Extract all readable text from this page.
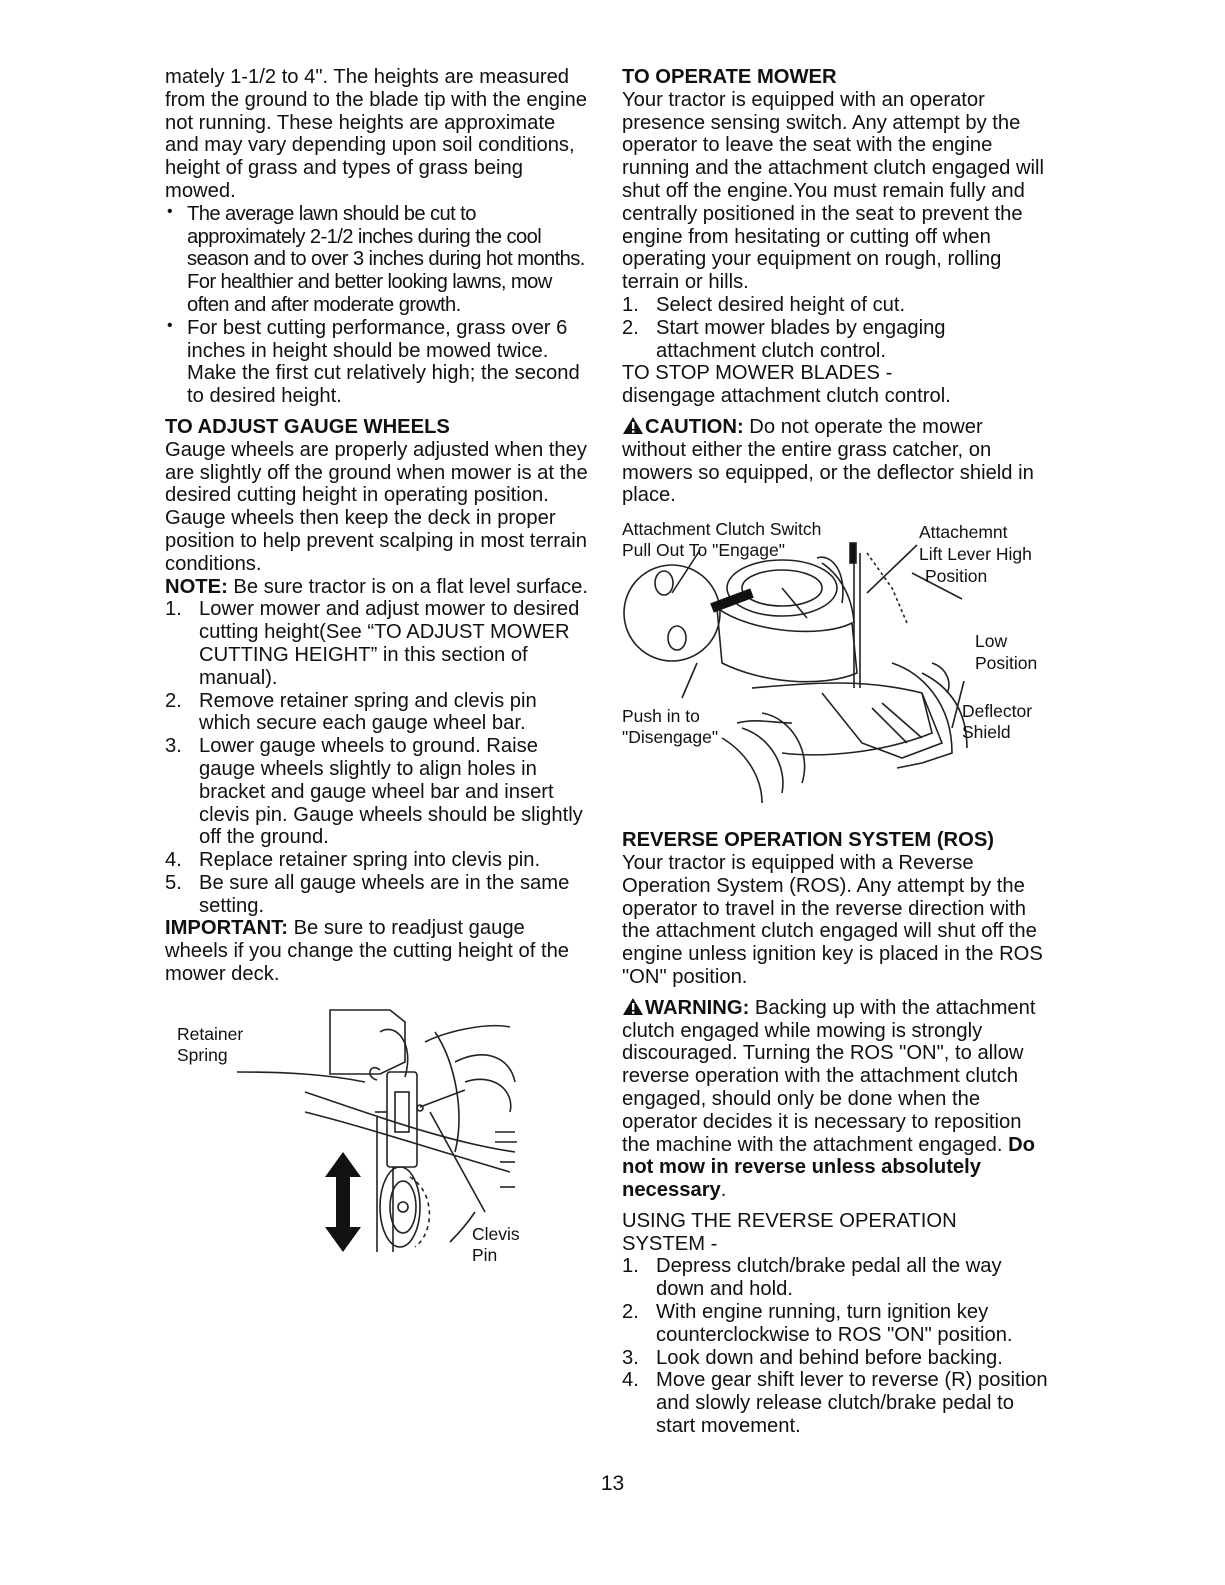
mately 1-1/2 to 4". The heights are measured from the ground to the blade tip with the engine not running. These heights are approximate and may vary depending upon soil conditions, height of grass and types of grass being mowed.

• The average lawn should be cut to approximately 2-1/2 inches during the cool season and to over 3 inches during hot months. For healthier and better looking lawns, mow often and after moderate growth.

• For best cutting performance, grass over 6 inches in height should be mowed twice. Make the first cut relatively high; the second to desired height.

TO ADJUST GAUGE WHEELS

Gauge wheels are properly adjusted when they are slightly off the ground when mower is at the desired cutting height in operating position. Gauge wheels then keep the deck in proper position to help prevent scalping in most terrain conditions.

NOTE: Be sure tractor is on a flat level surface.

1. Lower mower and adjust mower to desired cutting height(See “TO ADJUST MOWER CUTTING HEIGHT” in this section of manual).
2. Remove retainer spring and clevis pin which secure each gauge wheel bar.
3. Lower gauge wheels to ground. Raise gauge wheels slightly to align holes in bracket and gauge wheel bar and insert clevis pin. Gauge wheels should be slightly off the ground.
4. Replace retainer spring into clevis pin.
5. Be sure all gauge wheels are in the same setting.

IMPORTANT: Be sure to readjust gauge wheels if you change the cutting height of the mower deck.

Retainer
Spring
Clevis
Pin
TO OPERATE MOWER

Your tractor is equipped with an operator presence sensing switch. Any attempt by the operator to leave the seat with the engine running and the attachment clutch engaged will shut off the engine.You must remain fully and centrally positioned in the seat to prevent the engine from hesitating or cutting off when operating your equipment on rough, rolling terrain or hills.

1. Select desired height of cut.
2. Start mower blades by engaging attachment clutch control.

TO STOP MOWER BLADES -

disengage attachment clutch control.

CAUTION: Do not operate the mower without either the entire grass catcher, on mowers so equipped, or the deflector shield in place.

Attachment Clutch Switch
Pull Out To "Engage"
Attachemnt
Lift Lever High
Position
Low
Position
Push in to
"Disengage"
Deflector
Shield
REVERSE OPERATION SYSTEM (ROS)

Your tractor is equipped with a Reverse Operation System (ROS). Any attempt by the operator to travel in the reverse direction with the attachment clutch engaged will shut off the engine unless ignition key is placed in the ROS "ON" position.

WARNING: Backing up with the attachment clutch engaged while mowing is strongly discouraged. Turning the ROS "ON", to allow reverse operation with the attachment clutch engaged, should only be done when the operator decides it is necessary to reposition the machine with the attachment engaged. Do not mow in reverse unless absolutely necessary.

USING THE REVERSE OPERATION

SYSTEM -

1. Depress clutch/brake pedal all the way down and hold.
2. With engine running, turn ignition key counterclockwise to ROS "ON" position.
3. Look down and behind before backing.
4. Move gear shift lever to reverse (R) position and slowly release clutch/brake pedal to start movement.
13
